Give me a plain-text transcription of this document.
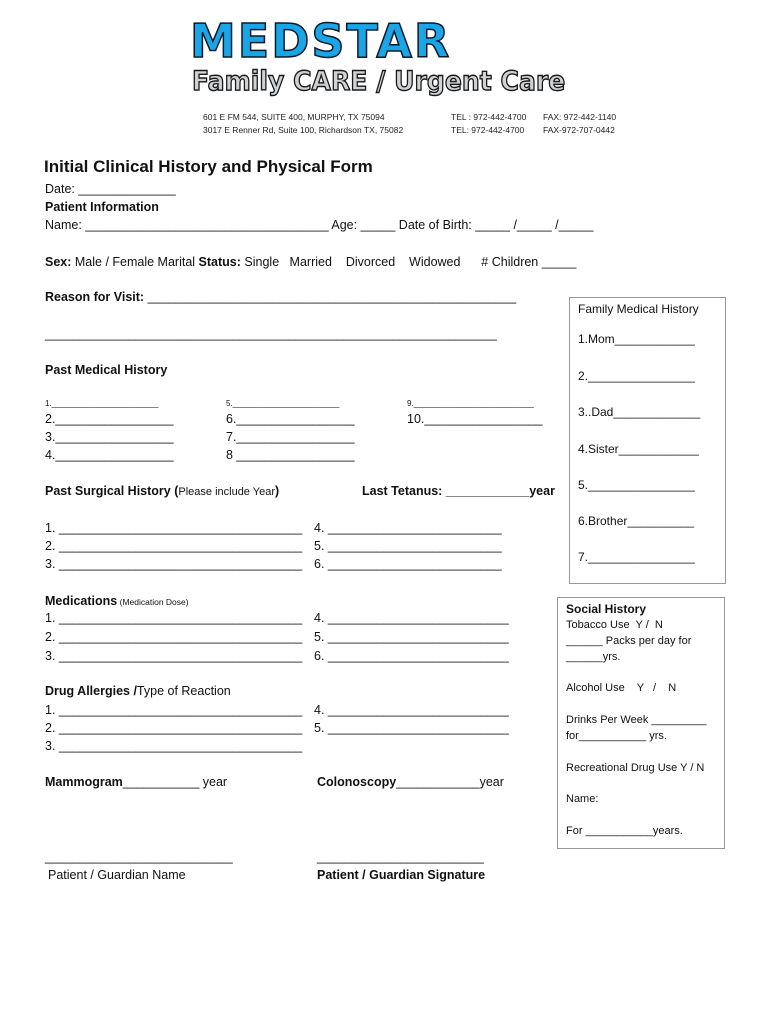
MEDSTAR
Family CARE / Urgent Care
601 E FM 544, SUITE 400, MURPHY, TX 75094
3017 E Renner Rd, Suite 100, Richardson TX, 75082
TEL : 972-442-4700
TEL: 972-442-4700
FAX: 972-442-1140
FAX-972-707-0442
Initial Clinical History and Physical Form
Date: ______________
Patient Information
Name: ___________________________________ Age: _____ Date of Birth: _____ /_____ /_____
Sex: Male / Female Marital Status: Single   Married    Divorced    Widowed      # Children _____
Reason for Visit: _____________________________________________________
_________________________________________________________________
Past Medical History
1.________________________
2._________________
3._________________
4._________________
5.________________________
6._________________
7._________________
8 _________________
9.___________________________
10._________________
Past Surgical History (Please include Year)	Last Tetanus: ____________year
1. ___________________________________
2. ___________________________________
3. ___________________________________
4. _________________________
5. _________________________
6. _________________________
Medications (Medication Dose)
1. ___________________________________
2. ___________________________________
3. ___________________________________
4. __________________________
5. __________________________
6. __________________________
Drug Allergies /Type of Reaction
1. ___________________________________
2. ___________________________________
3. ___________________________________
4. __________________________
5. __________________________
Mammogram___________ year	Colonoscopy____________year
___________________________	________________________
Patient / Guardian Name	Patient / Guardian Signature
Family Medical History
1.Mom____________
2.________________
3..Dad_____________
4.Sister____________
5.________________
6.Brother__________
7.________________
Social History
Tobacco Use  Y /  N
______ Packs per day for
______yrs.
Alcohol Use    Y   /    N
Drinks Per Week _________
for___________ yrs.
Recreational Drug Use Y / N
Name:
For ___________years.
